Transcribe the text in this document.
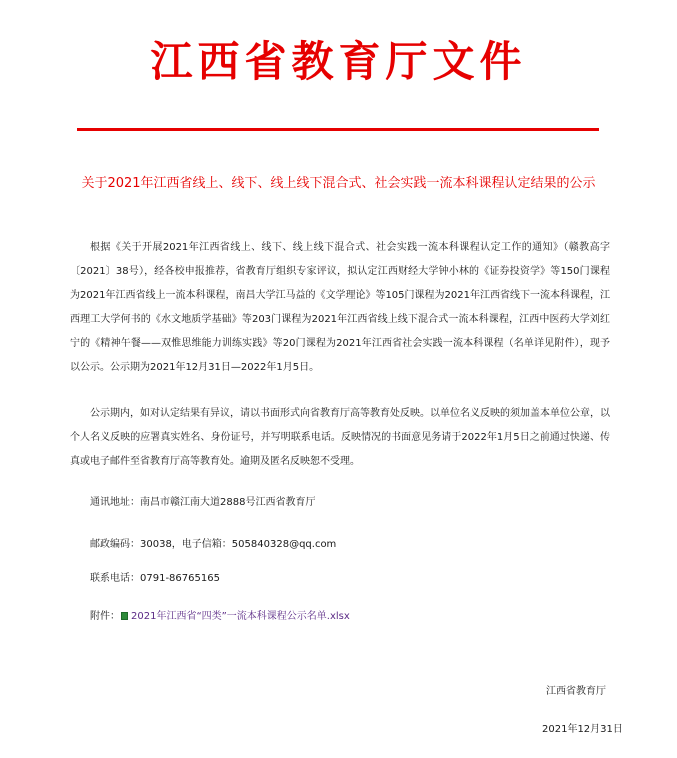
江西省教育厅文件
关于2021年江西省线上、线下、线上线下混合式、社会实践一流本科课程认定结果的公示

根据《关于开展2021年江西省线上、线下、线上线下混合式、社会实践一流本科课程认定工作的通知》（赣教高字〔2021〕38号），经各校申报推荐，省教育厅组织专家评议，拟认定江西财经大学钟小林的《证券投资学》等150门课程为2021年江西省线上一流本科课程，南昌大学江马益的《文学理论》等105门课程为2021年江西省线下一流本科课程，江西理工大学何书的《水文地质学基础》等203门课程为2021年江西省线上线下混合式一流本科课程，江西中医药大学刘红宁的《精神午餐——双惟思维能力训练实践》等20门课程为2021年江西省社会实践一流本科课程（名单详见附件），现予以公示。公示期为2021年12月31日—2022年1月5日。

公示期内，如对认定结果有异议，请以书面形式向省教育厅高等教育处反映。以单位名义反映的须加盖本单位公章，以个人名义反映的应署真实姓名、身份证号，并写明联系电话。反映情况的书面意见务请于2022年1月5日之前通过快递、传真或电子邮件至省教育厅高等教育处。逾期及匿名反映恕不受理。

通讯地址：南昌市赣江南大道2888号江西省教育厅
邮政编码：30038，电子信箱：505840328@qq.com
联系电话：0791-86765165
附件： 2021年江西省“四类”一流本科课程公示名单.xlsx
江西省教育厅
2021年12月31日
